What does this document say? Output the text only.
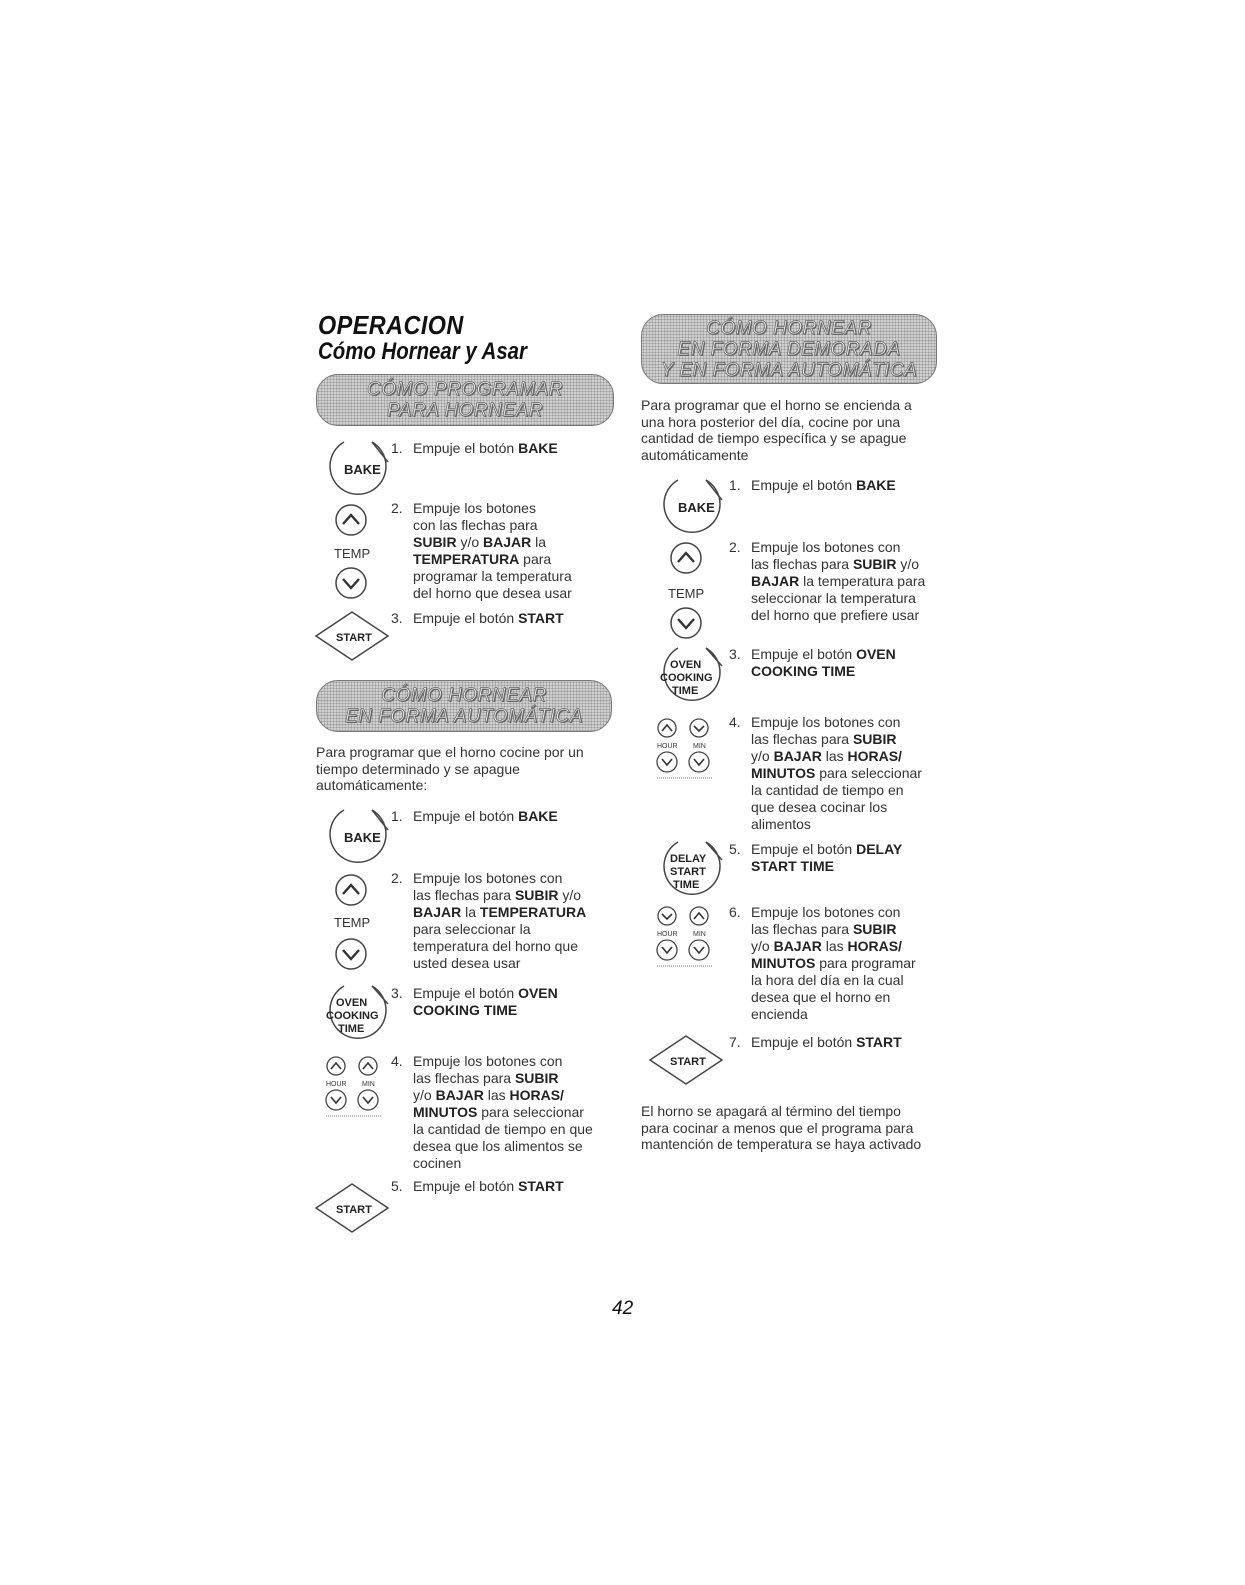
OPERACION
Cómo Hornear y Asar
CÓMO PROGRAMAR
PARA HORNEAR
1. Empuje el botón BAKE
2. Empuje los botones
con las flechas para
SUBIR y/o BAJAR la
TEMPERATURA para
programar la temperatura
del horno que desea usar
3. Empuje el botón START
BAKE
TEMP
START
CÓMO HORNEAR
EN FORMA AUTOMÁTICA
Para programar que el horno cocine por un tiempo determinado y se apague automáticamente:
1. Empuje el botón BAKE
2. Empuje los botones con
las flechas para SUBIR y/o
BAJAR la TEMPERATURA
para seleccionar la
temperatura del horno que
usted desea usar
3. Empuje el botón OVEN
COOKING TIME
4. Empuje los botones con
las flechas para SUBIR
y/o BAJAR las HORAS/
MINUTOS para seleccionar
la cantidad de tiempo en que
desea que los alimentos se
cocinen
5. Empuje el botón START
BAKE
TEMP
OVEN
COOKING
TIME
HOUR MIN
START
CÓMO HORNEAR
EN FORMA DEMORADA
Y EN FORMA AUTOMÁTICA
Para programar que el horno se encienda a una hora posterior del día, cocine por una cantidad de tiempo específica y se apague automáticamente
1. Empuje el botón BAKE
2. Empuje los botones con
las flechas para SUBIR y/o
BAJAR la temperatura para
seleccionar la temperatura
del horno que prefiere usar
3. Empuje el botón OVEN
COOKING TIME
4. Empuje los botones con
las flechas para SUBIR
y/o BAJAR las HORAS/
MINUTOS para seleccionar
la cantidad de tiempo en
que desea cocinar los
alimentos
5. Empuje el botón DELAY
START TIME
6. Empuje los botones con
las flechas para SUBIR
y/o BAJAR las HORAS/
MINUTOS para programar
la hora del día en la cual
desea que el horno en
encienda
7. Empuje el botón START
BAKE
TEMP
OVEN
COOKING
TIME
HOUR MIN
DELAY
START
TIME
HOUR MIN
START
El horno se apagará al término del tiempo para cocinar a menos que el programa para mantención de temperatura se haya activado
42
